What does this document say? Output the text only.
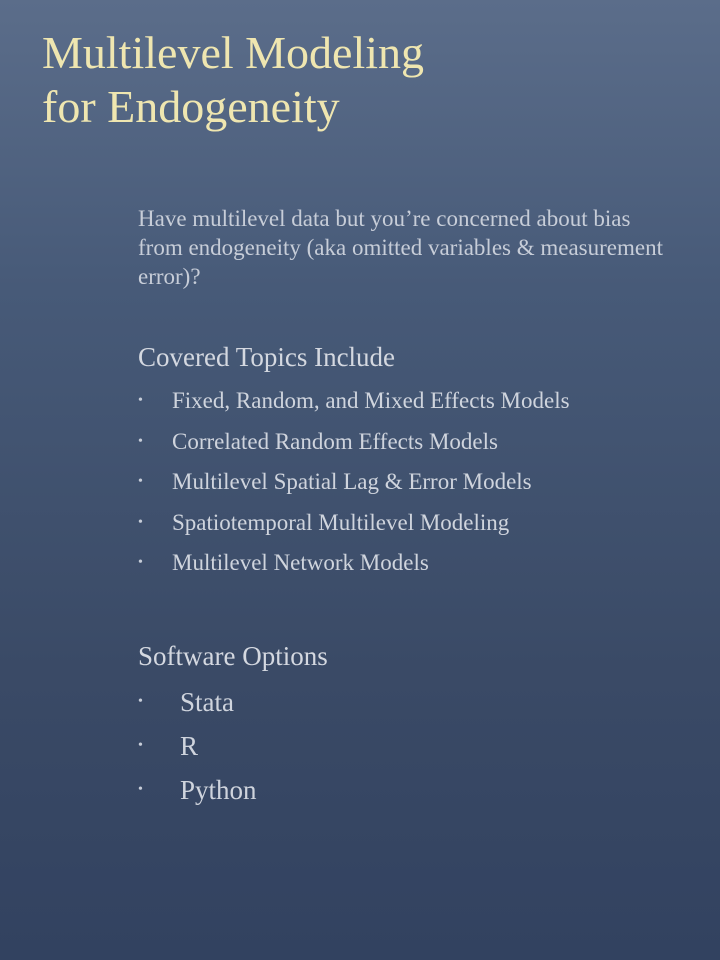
Multilevel Modeling
for Endogeneity

Have multilevel data but you’re concerned about bias from endogeneity (aka omitted variables & measurement error)?

Covered Topics Include
• Fixed, Random, and Mixed Effects Models
• Correlated Random Effects Models
• Multilevel Spatial Lag & Error Models
• Spatiotemporal Multilevel Modeling
• Multilevel Network Models
Software Options
• Stata
• R
• Python
